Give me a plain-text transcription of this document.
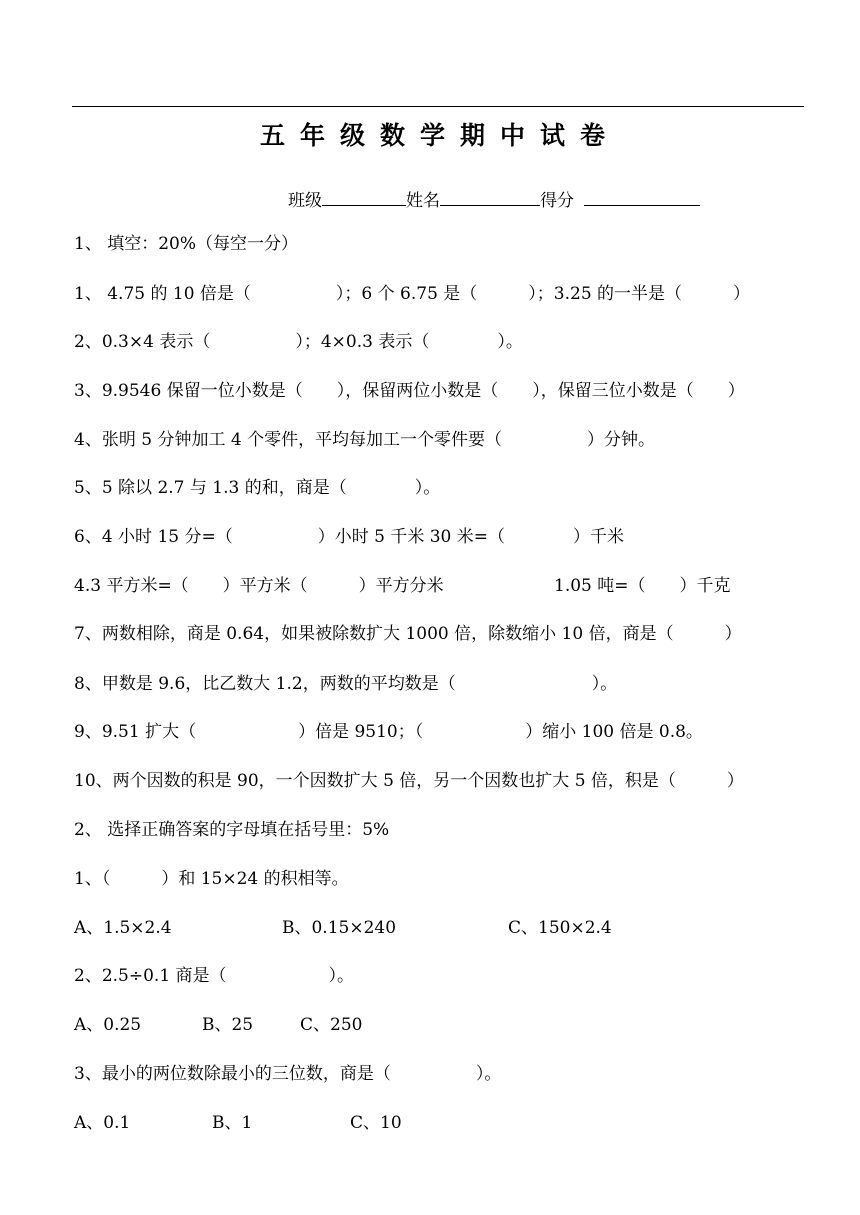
五年级数学期中试卷
班级	姓名	得分
1、 填空：20%（每空一分）
1、 4.75 的 10 倍是（　　　　　）；6 个 6.75 是（　　　）；3.25 的一半是（　　　）
2、0.3×4 表示（　　　　　）；4×0.3 表示（　　　　）。
3、9.9546 保留一位小数是（　　），保留两位小数是（　　），保留三位小数是（　　）
4、张明 5 分钟加工 4 个零件，平均每加工一个零件要（　　　　　）分钟。
5、5 除以 2.7 与 1.3 的和，商是（　　　　）。
6、4 小时 15 分=（　　　　　）小时 5 千米 30 米=（　　　　）千米
4.3 平方米=（　　）平方米（　　　）平方分米	1.05 吨=（　　）千克
7、两数相除，商是 0.64，如果被除数扩大 1000 倍，除数缩小 10 倍，商是（　　　）
8、甲数是 9.6，比乙数大 1.2，两数的平均数是（　　　　　　　　）。
9、9.51 扩大（　　　　　　）倍是 9510；（　　　　　　）缩小 100 倍是 0.8。
10、两个因数的积是 90，一个因数扩大 5 倍，另一个因数也扩大 5 倍，积是（　　　）
2、 选择正确答案的字母填在括号里：5%
1、（　　　）和 15×24 的积相等。
A、1.5×2.4	B、0.15×240	C、150×2.4
2、2.5÷0.1 商是（　　　　　　）。
A、0.25	B、25	C、250
3、最小的两位数除最小的三位数，商是（　　　　　）。
A、0.1	B、1	C、10
